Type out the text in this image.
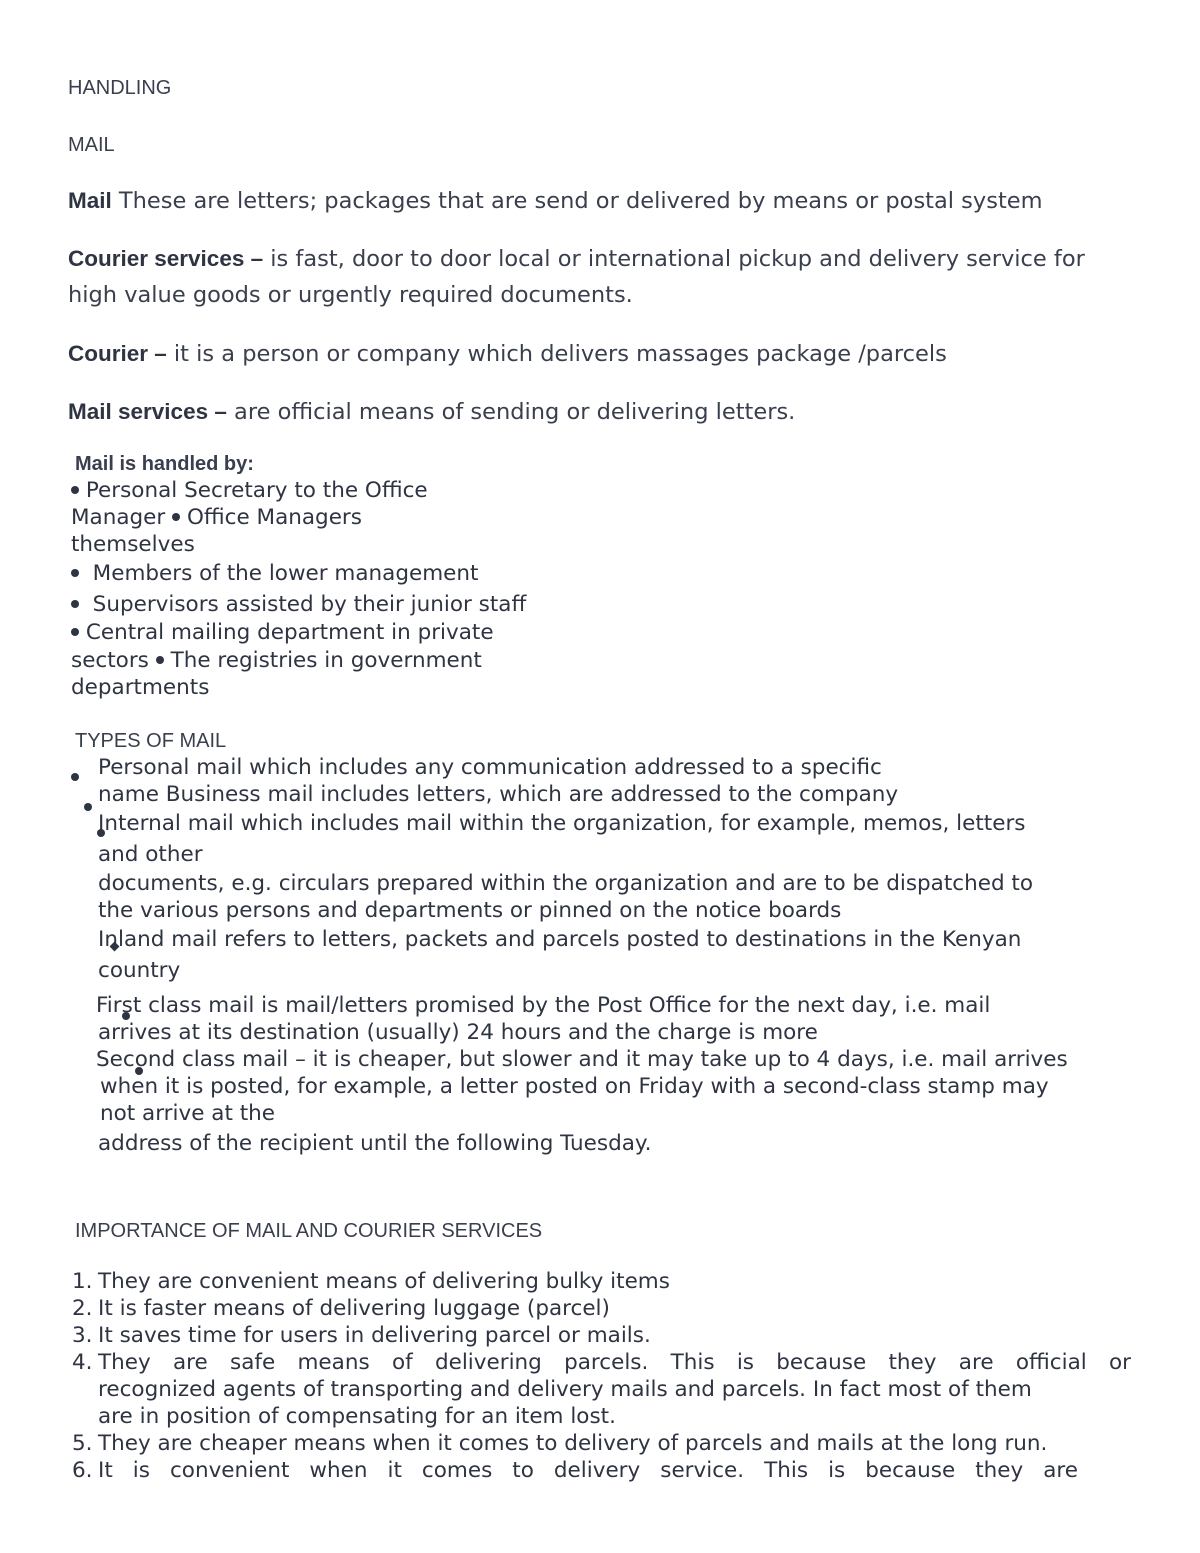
HANDLING
MAIL
Mail These are letters; packages that are send or delivered by means or postal system
Courier services – is fast, door to door local or international pickup and delivery service for
high value goods or urgently required documents.
Courier – it is a person or company which delivers massages package /parcels
Mail services – are official means of sending or delivering letters.
Mail is handled by:
Personal Secretary to the Office
Manager Office Managers
themselves
Members of the lower management
Supervisors assisted by their junior staff
Central mailing department in private
sectors The registries in government
departments
TYPES OF MAIL

Personal mail which includes any communication addressed to a specific

name Business mail includes letters, which are addressed to the company

Internal mail which includes mail within the organization, for example, memos, letters
and other
documents, e.g. circulars prepared within the organization and are to be dispatched to
the various persons and departments or pinned on the notice boards

Inland mail refers to letters, packets and parcels posted to destinations in the Kenyan
country

First class mail is mail/letters promised by the Post Office for the next day, i.e. mail
arrives at its destination (usually) 24 hours and the charge is more
Second class mail – it is cheaper, but slower and it may take up to 4 days, i.e. mail arrives
when it is posted, for example, a letter posted on Friday with a second-class stamp may
not arrive at the
address of the recipient until the following Tuesday.
IMPORTANCE OF MAIL AND COURIER SERVICES
1. They are convenient means of delivering bulky items
2. It is faster means of delivering luggage (parcel)
3. It saves time for users in delivering parcel or mails.
4. They are safe means of delivering parcels. This is because they are official or
recognized agents of transporting and delivery mails and parcels. In fact most of them
are in position of compensating for an item lost.
5. They are cheaper means when it comes to delivery of parcels and mails at the long run.
6. It is convenient when it comes to delivery service. This is because they are
